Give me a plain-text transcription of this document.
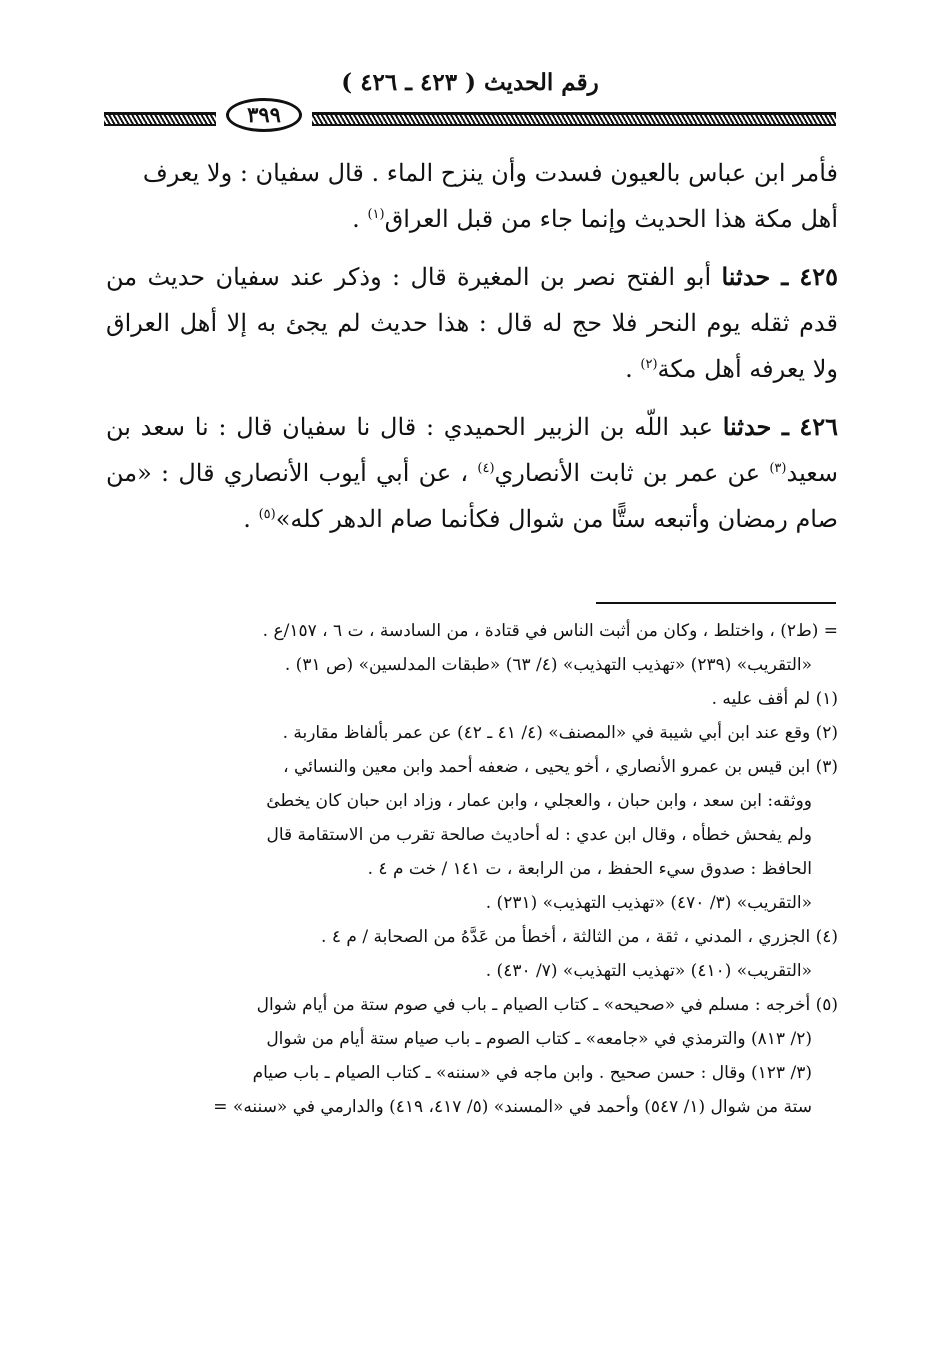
رقم الحديث ( ٤٢٣ ـ ٤٢٦ )
٣٩٩

فأمر ابن عباس بالعيون فسدت وأن ينزح الماء . قال سفيان : ولا يعرف
أهل مكة هذا الحديث وإنما جاء من قبل العراق$^{(١)}$ .

٤٢٥ ـ حدثنا أبو الفتح نصر بن المغيرة قال : وذكر عند سفيان حديث من قدم ثقله يوم النحر فلا حج له قال : هذا حديث لم يجئ به إلا أهل العراق ولا يعرفه أهل مكة$^{(٢)}$ .

٤٢٦ ـ حدثنا عبد اللّه بن الزبير الحميدي : قال نا سفيان قال : نا سعد بن سعيد$^{(٣)}$ عن عمر بن ثابت الأنصاري$^{(٤)}$ ، عن أبي أيوب الأنصاري قال : «من صام رمضان وأتبعه ستًّا من شوال فكأنما صام الدهر كله»$^{(٥)}$ .

= (ط٢) ، واختلط ، وكان من أثبت الناس في قتادة ، من السادسة ، ت ٦ ، ١٥٧/ع .

«التقريب» (٢٣٩) «تهذيب التهذيب» (٤/ ٦٣) «طبقات المدلسين» (ص ٣١) .

(١) لم أقف عليه .

(٢) وقع عند ابن أبي شيبة في «المصنف» (٤/ ٤١ ـ ٤٢) عن عمر بألفاظ مقاربة .

(٣) ابن قيس بن عمرو الأنصاري ، أخو يحيى ، ضعفه أحمد وابن معين والنسائي ،

ووثقه: ابن سعد ، وابن حبان ، والعجلي ، وابن عمار ، وزاد ابن حبان كان يخطئ

ولم يفحش خطأه ، وقال ابن عدي : له أحاديث صالحة تقرب من الاستقامة قال

الحافظ : صدوق سيء الحفظ ، من الرابعة ، ت ١٤١ / خت م ٤ .

«التقريب» (٣/ ٤٧٠) «تهذيب التهذيب» (٢٣١) .

(٤) الجزري ، المدني ، ثقة ، من الثالثة ، أخطأ من عَدَّهُ من الصحابة / م ٤ .

«التقريب» (٤١٠) «تهذيب التهذيب» (٧/ ٤٣٠) .

(٥) أخرجه : مسلم في «صحيحه» ـ كتاب الصيام ـ باب في صوم ستة من أيام شوال

(٢/ ٨١٣) والترمذي في «جامعه» ـ كتاب الصوم ـ باب صيام ستة أيام من شوال

(٣/ ١٢٣) وقال : حسن صحيح . وابن ماجه في «سننه» ـ كتاب الصيام ـ باب صيام

ستة من شوال (١/ ٥٤٧) وأحمد في «المسند» (٥/ ٤١٧، ٤١٩) والدارمي في «سننه» =
